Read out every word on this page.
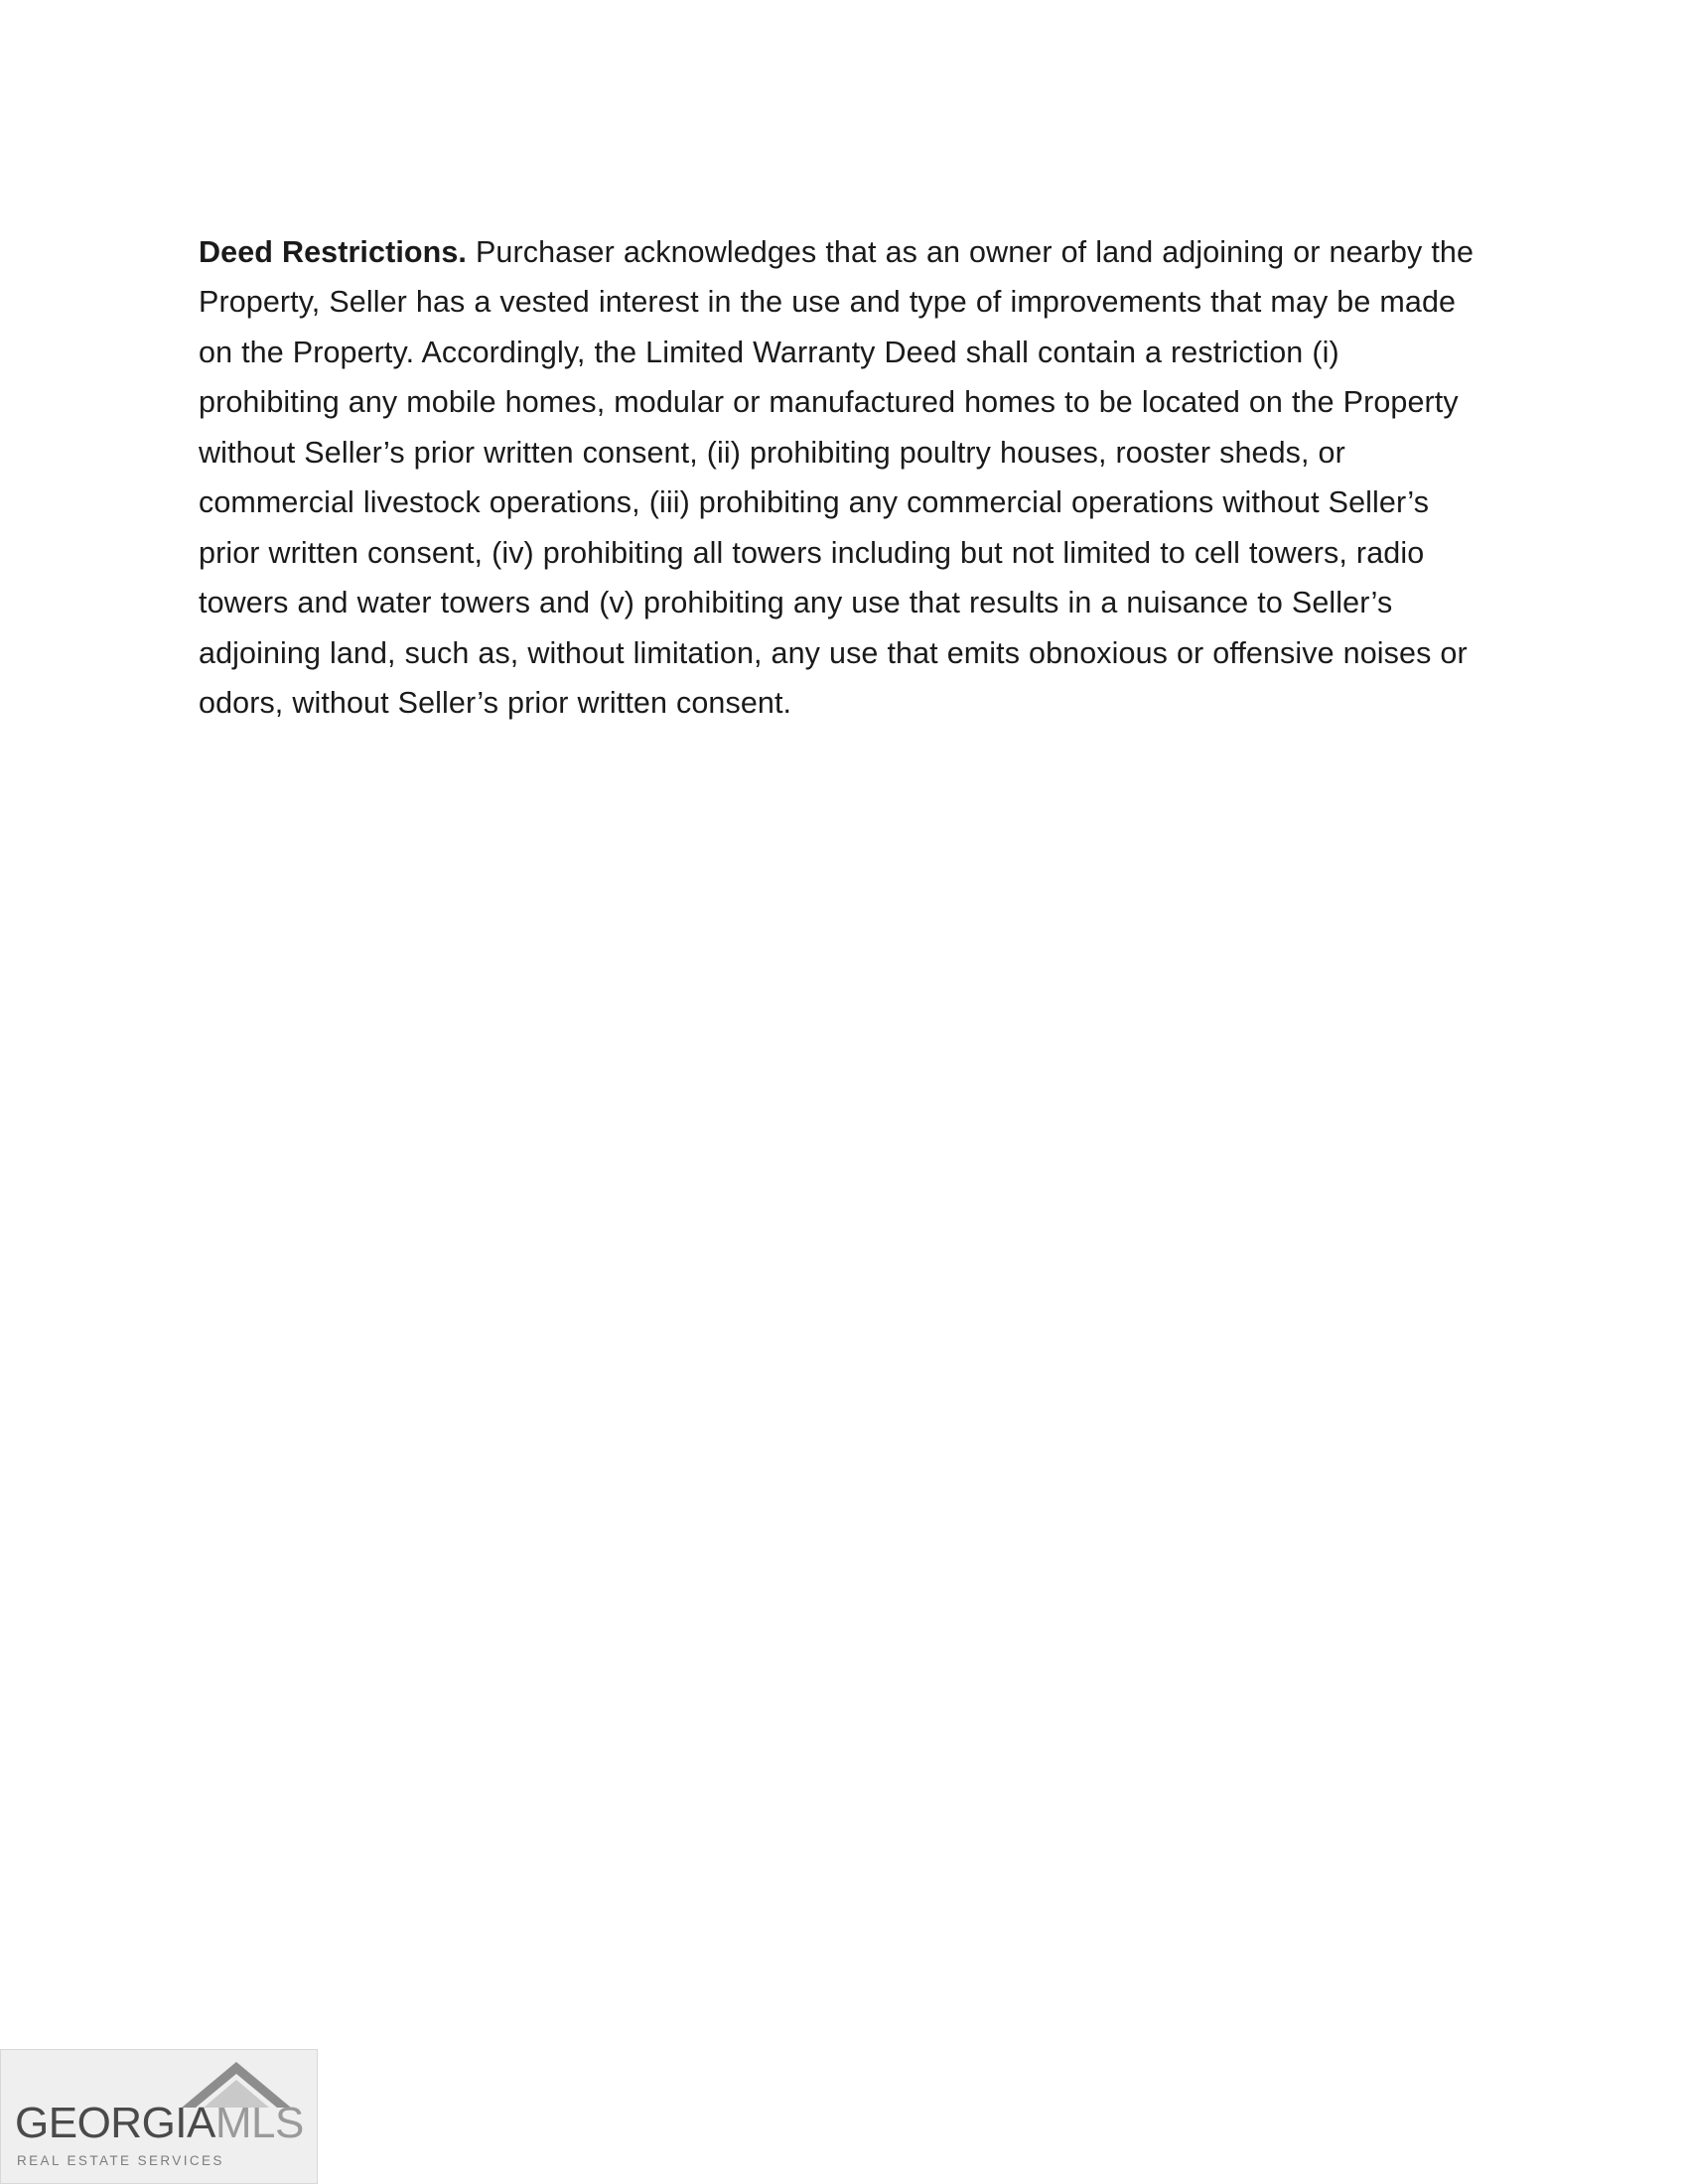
Deed Restrictions. Purchaser acknowledges that as an owner of land adjoining or nearby the Property, Seller has a vested interest in the use and type of improvements that may be made on the Property. Accordingly, the Limited Warranty Deed shall contain a restriction (i) prohibiting any mobile homes, modular or manufactured homes to be located on the Property without Seller’s prior written consent, (ii) prohibiting poultry houses, rooster sheds, or commercial livestock operations, (iii) prohibiting any commercial operations without Seller’s prior written consent, (iv) prohibiting all towers including but not limited to cell towers, radio towers and water towers and (v) prohibiting any use that results in a nuisance to Seller’s adjoining land, such as, without limitation, any use that emits obnoxious or offensive noises or odors, without Seller’s prior written consent.

GEORGIAMLS
REAL ESTATE SERVICES
